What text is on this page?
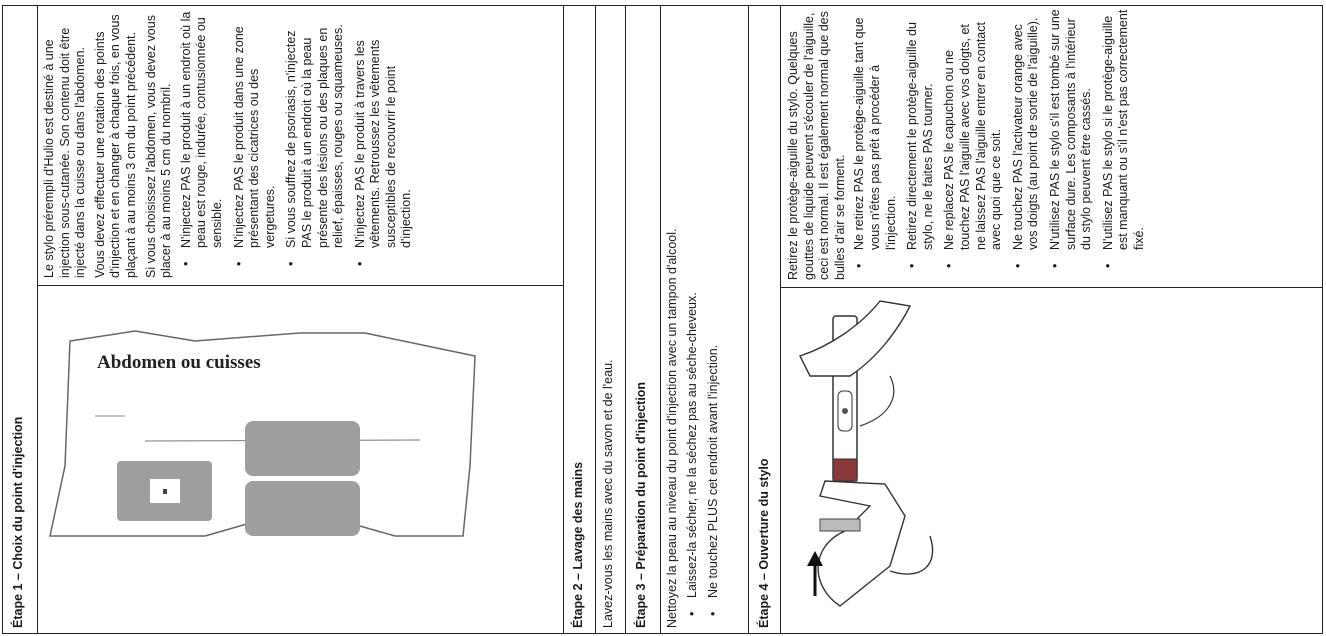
Étape 1 – Choix du point d'injection
Abdomen ou cuisses

Le stylo prérempli d'Hulio est destiné à une injection sous-cutanée. Son contenu doit être injecté dans la cuisse ou dans l'abdomen. Vous devez effectuer une rotation des points d'injection et en changer à chaque fois, en vous plaçant à au moins 3 cm du point précédent. Si vous choisissez l'abdomen, vous devez vous placer à au moins 5 cm du nombril. • N'injectez PAS le produit à un endroit où la peau est rouge, indurée, contusionnée ou sensible. • N'injectez PAS le produit dans une zone présentant des cicatrices ou des vergetures. • Si vous souffrez de psoriasis, n'injectez PAS le produit à un endroit où la peau présente des lésions ou des plaques en relief, épaisses, rouges ou squameuses. • N'injectez PAS le produit à travers les vêtements. Retroussez les vêtements susceptibles de recouvrir le point d'injection.
Étape 2 – Lavage des mains Lavez-vous les mains avec du savon et de l'eau. Étape 3 – Préparation du point d'injection Nettoyez la peau au niveau du point d'injection avec un tampon d'alcool. • Laissez-la sécher, ne la séchez pas au sèche-cheveux. • Ne touchez PLUS cet endroit avant l'injection.	Étape 4 – Ouverture du stylo

Retirez le protège-aiguille du stylo. Quelques gouttes de liquide peuvent s'écouler de l'aiguille, ceci est normal. Il est également normal que des bulles d'air se forment. • Ne retirez PAS le protège-aiguille tant que vous n'êtes pas prêt à procéder à l'injection. • Retirez directement le protège-aiguille du stylo, ne le faites PAS tourner. • Ne replacez PAS le capuchon ou ne touchez PAS l'aiguille avec vos doigts, et ne laissez PAS l'aiguille entrer en contact avec quoi que ce soit. • Ne touchez PAS l'activateur orange avec vos doigts (au point de sortie de l'aiguille). • N'utilisez PAS le stylo s'il est tombé sur une surface dure. Les composants à l'intérieur du stylo peuvent être cassés. • N'utilisez PAS le stylo si le protège-aiguille est manquant ou s'il n'est pas correctement fixé.
